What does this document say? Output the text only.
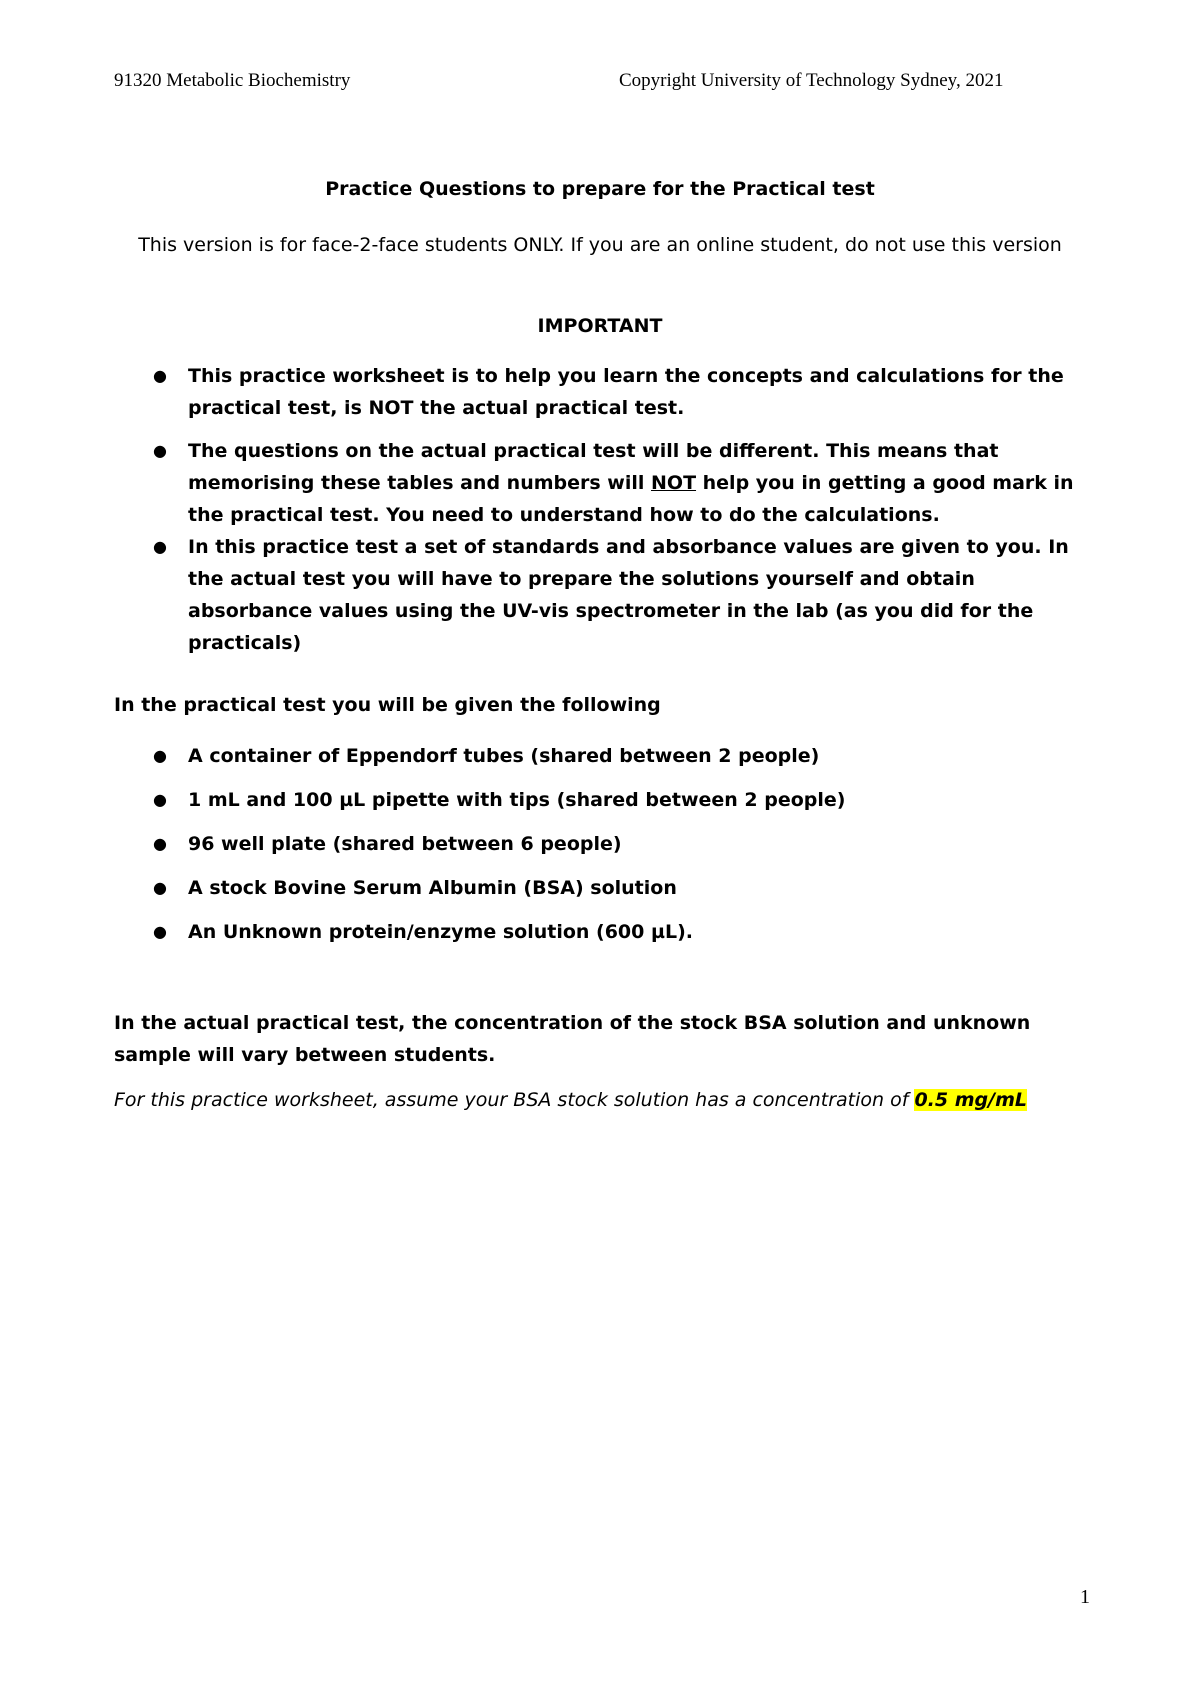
91320 Metabolic Biochemistry	Copyright University of Technology Sydney, 2021
Practice Questions to prepare for the Practical test
This version is for face-2-face students ONLY. If you are an online student, do not use this version
IMPORTANT
● This practice worksheet is to help you learn the concepts and calculations for the practical test, is NOT the actual practical test.
● The questions on the actual practical test will be different. This means that memorising these tables and numbers will NOT help you in getting a good mark in the practical test. You need to understand how to do the calculations.
● In this practice test a set of standards and absorbance values are given to you. In the actual test you will have to prepare the solutions yourself and obtain absorbance values using the UV-vis spectrometer in the lab (as you did for the practicals)
In the practical test you will be given the following
● A container of Eppendorf tubes (shared between 2 people)
● 1 mL and 100 µL pipette with tips (shared between 2 people)
● 96 well plate (shared between 6 people)
● A stock Bovine Serum Albumin (BSA) solution
● An Unknown protein/enzyme solution (600 µL).
In the actual practical test, the concentration of the stock BSA solution and unknown sample will vary between students.
For this practice worksheet, assume your BSA stock solution has a concentration of 0.5 mg/mL
1
